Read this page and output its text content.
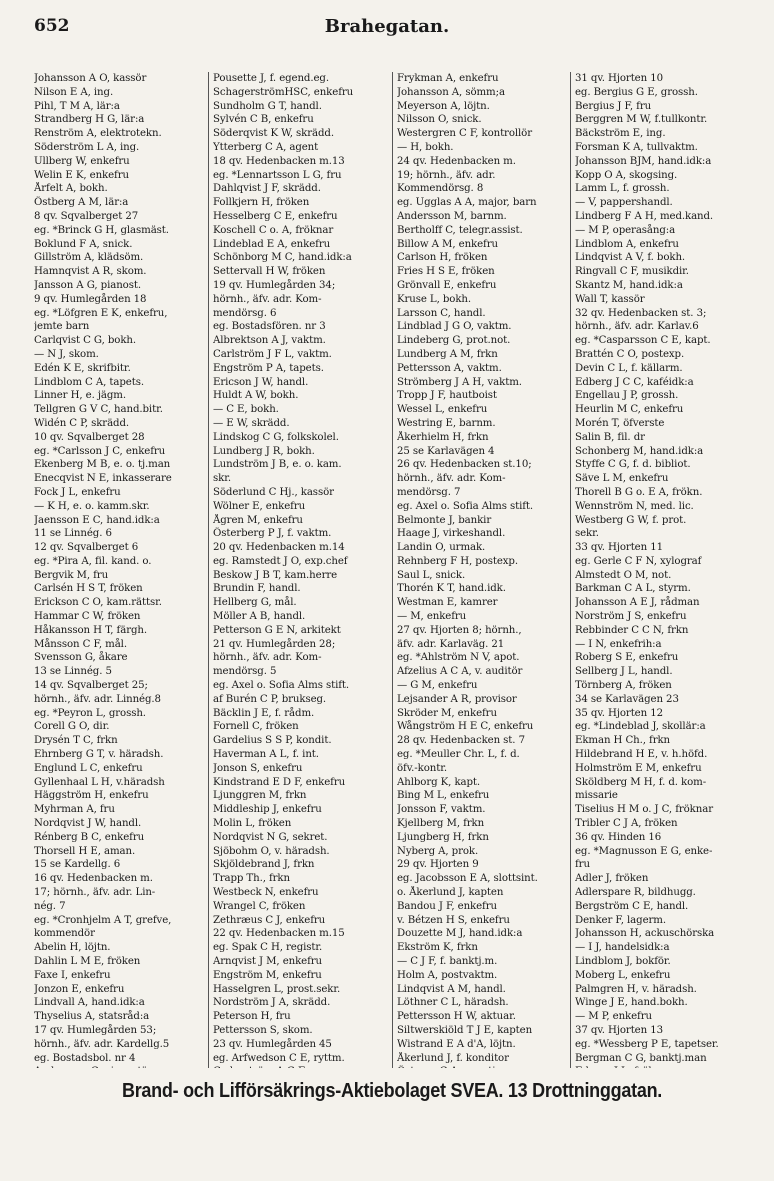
652	Brahegatan.
Johansson A O, kassör
Nilson E A, ing.
Pihl, T M A, lär:a
Strandberg H G, lär:a
Renström A, elektrotekn.
Söderström L A, ing.
Ullberg W, enkefru
Welin E K, enkefru
Årfelt A, bokh.
Östberg A M, lär:a
8 qv. Sqvalberget 27
eg. *Brinck G H, glasmäst.
Boklund F A, snick.
Gillström A, klädsöm.
Hamnqvist A R, skom.
Jansson A G, pianost.
9 qv. Humlegården 18
eg. *Löfgren E K, enkefru,
jemte barn
Carlqvist C G, bokh.
— N J, skom.
Edén K E, skrifbitr.
Lindblom C A, tapets.
Linner H, e. jägm.
Tellgren G V C, hand.bitr.
Widén C P, skrädd.
10 qv. Sqvalberget 28
eg. *Carlsson J C, enkefru
Ekenberg M B, e. o. tj.man
Enecqvist N E, inkasserare
Fock J L, enkefru
— K H, e. o. kamm.skr.
Jaensson E C, hand.idk:a
11 se Linnég. 6
12 qv. Sqvalberget 6
eg. *Pira A, fil. kand. o.
Bergvik M, fru
Carlsén H S T, fröken
Erickson C O, kam.rättsr.
Hammar C W, fröken
Håkansson H T, färgh.
Månsson C F, mål.
Svensson G, åkare
13 se Linnég. 5
14 qv. Sqvalberget 25;
hörnh., äfv. adr. Linnég.8
eg. *Peyron L, grossh.
Corell G O, dir.
Drysén T C, frkn
Ehrnberg G T, v. häradsh.
Englund L C, enkefru
Gyllenhaal L H, v.häradsh
Häggström H, enkefru
Myhrman A, fru
Nordqvist J W, handl.
Rénberg B C, enkefru
Thorsell H E, aman.
15 se Kardellg. 6
16 qv. Hedenbacken m.
17; hörnh., äfv. adr. Lin-
nég. 7
eg. *Cronhjelm A T, grefve,
kommendör
Abelin H, löjtn.
Dahlin L M E, fröken
Faxe I, enkefru
Jonzon E, enkefru
Lindvall A, hand.idk:a
Thyselius A, statsråd:a
17 qv. Humlegården 53;
hörnh., äfv. adr. Kardellg.5
eg. Bostadsbol. nr 4
Pousette J, f. egend.eg.
SchagerströmHSC, enkefru
Sundholm G T, handl.
Sylvén C B, enkefru
Söderqvist K W, skrädd.
Ytterberg C A, agent
18 qv. Hedenbacken m.13
eg. *Lennartsson L G, fru
Dahlqvist J F, skrädd.
Follkjern H, fröken
Hesselberg C E, enkefru
Koschell C o. A, fröknar
Lindeblad E A, enkefru
Schönborg M C, hand.idk:a
Settervall H W, fröken
19 qv. Humlegården 34;
hörnh., äfv. adr. Kom-
mendörsg. 6
eg. Bostadsfören. nr 3
Albrektson A J, vaktm.
Carlström J F L, vaktm.
Engström P A, tapets.
Ericson J W, handl.
Huldt A W, bokh.
— C E, bokh.
— E W, skrädd.
Lindskog C G, folkskolel.
Lundberg J R, bokh.
Lundström J B, e. o. kam.
skr.
Söderlund C Hj., kassör
Wölner E, enkefru
Ågren M, enkefru
Österberg P J, f. vaktm.
20 qv. Hedenbacken m.14
eg. Ramstedt J O, exp.chef
Beskow J B T, kam.herre
Brundin F, handl.
Hellberg G, mål.
Möller A B, handl.
Petterson G E N, arkitekt
21 qv. Humlegården 28;
hörnh., äfv. adr. Kom-
mendörsg. 5
eg. Axel o. Sofia Alms stift.
af Burén C P, brukseg.
Bäcklin J E, f. rådm.
Fornell C, fröken
Gardelius S S P, kondit.
Haverman A L, f. int.
Jonson S, enkefru
Kindstrand E D F, enkefru
Ljunggren M, frkn
Middleship J, enkefru
Molin L, fröken
Nordqvist N G, sekret.
Sjöbohm O, v. häradsh.
Skjöldebrand J, frkn
Trapp Th., frkn
Westbeck N, enkefru
Wrangel C, fröken
Zethræus C J, enkefru
22 qv. Hedenbacken m.15
eg. Spak C H, registr.
Arnqvist J M, enkefru
Engström M, enkefru
Hasselgren L, prost.sekr.
Nordström J A, skrädd.
Peterson H, fru
Pettersson S, skom.
23 qv. Humlegården 45
eg. Arfwedson C E, ryttm.
Frykman A, enkefru
Johansson A, sömm;a
Meyerson A, löjtn.
Nilsson O, snick.
Westergren C F, kontrollör
— H, bokh.
24 qv. Hedenbacken m.
19; hörnh., äfv. adr.
Kommendörsg. 8
eg. Ugglas A A, major, barn
Andersson M, barnm.
Bertholff C, telegr.assist.
Billow A M, enkefru
Carlson H, fröken
Fries H S E, fröken
Grönvall E, enkefru
Kruse L, bokh.
Larsson C, handl.
Lindblad J G O, vaktm.
Lindeberg G, prot.not.
Lundberg A M, frkn
Pettersson A, vaktm.
Strömberg J A H, vaktm.
Tropp J F, hautboist
Wessel L, enkefru
Westring E, barnm.
Åkerhielm H, frkn
25 se Karlavägen 4
26 qv. Hedenbacken st.10;
hörnh., äfv. adr. Kom-
mendörsg. 7
eg. Axel o. Sofia Alms stift.
Belmonte J, bankir
Haage J, virkeshandl.
Landin O, urmak.
Rehnberg F H, postexp.
Saul L, snick.
Thorén K T, hand.idk.
Westman E, kamrer
— M, enkefru
27 qv. Hjorten 8; hörnh.,
äfv. adr. Karlaväg. 21
eg. *Ahlström N V, apot.
Afzelius A C A, v. auditör
— G M, enkefru
Lejsander A R, provisor
Skröder M, enkefru
Wångström H E C, enkefru
28 qv. Hedenbacken st. 7
eg. *Meuller Chr. L, f. d.
öfv.-kontr.
Ahlborg K, kapt.
Bing M L, enkefru
Jonsson F, vaktm.
Kjellberg M, frkn
Ljungberg H, frkn
Nyberg A, prok.
29 qv. Hjorten 9
eg. Jacobsson E A, slottsint.
o. Åkerlund J, kapten
Bandou J F, enkefru
v. Bétzen H S, enkefru
Douzette M J, hand.idk:a
Ekström K, frkn
— C J F, f. banktj.m.
Holm A, postvaktm.
Lindqvist A M, handl.
Löthner C L, häradsh.
Pettersson H W, aktuar.
Siltwerskiöld T J E, kapten
Wistrand E A d'A, löjtn.
Åkerlund J, f. konditor
31 qv. Hjorten 10
eg. Bergius G E, grossh.
Bergius J F, fru
Berggren M W, f.tullkontr.
Bäckström E, ing.
Forsman K A, tullvaktm.
Johansson BJM, hand.idk:a
Kopp O A, skogsing.
Lamm L, f. grossh.
— V, pappershandl.
Lindberg F A H, med.kand.
— M P, operasång:a
Lindblom A, enkefru
Lindqvist A V, f. bokh.
Ringvall C F, musikdir.
Skantz M, hand.idk:a
Wall T, kassör
32 qv. Hedenbacken st. 3;
hörnh., äfv. adr. Karlav.6
eg. *Casparsson C E, kapt.
Brattén C O, postexp.
Devin C L, f. källarm.
Edberg J C C, kaféidk:a
Engellau J P, grossh.
Heurlin M C, enkefru
Morén T, öfverste
Salin B, fil. dr
Schonberg M, hand.idk:a
Styffe C G, f. d. bibliot.
Säve L M, enkefru
Thorell B G o. E A, frökn.
Wennström N, med. lic.
Westberg G W, f. prot.
sekr.
33 qv. Hjorten 11
eg. Gerle C F N, xylograf
Almstedt O M, not.
Barkman C A L, styrm.
Johansson A E J, rådman
Norström J S, enkefru
Rebbinder C C N, frkn
— I N, enkefrih:a
Roberg S E, enkefru
Sellberg J L, handl.
Törnberg A, fröken
34 se Karlavägen 23
35 qv. Hjorten 12
eg. *Lindeblad J, skollär:a
Ekman H Ch., frkn
Hildebrand H E, v. h.höfd.
Holmström E M, enkefru
Sköldberg M H, f. d. kom-
missarie
Tiselius H M o. J C, fröknar
Tribler C J A, fröken
36 qv. Hinden 16
eg. *Magnusson E G, enke-
fru
Adler J, fröken
Adlerspare R, bildhugg.
Bergström C E, handl.
Denker F, lagerm.
Johansson H, ackuschörska
— I J, handelsidk:a
Lindblom J, bokför.
Moberg L, enkefru
Palmgren H, v. häradsh.
Winge J E, hand.bokh.
— M P, enkefru
37 qv. Hjorten 13
eg. *Wessberg P E, tapetser.
Bergman C G, banktj.man
Brand- och Lifförsäkrings-Aktiebolaget SVEA. 13 Drottninggatan.
